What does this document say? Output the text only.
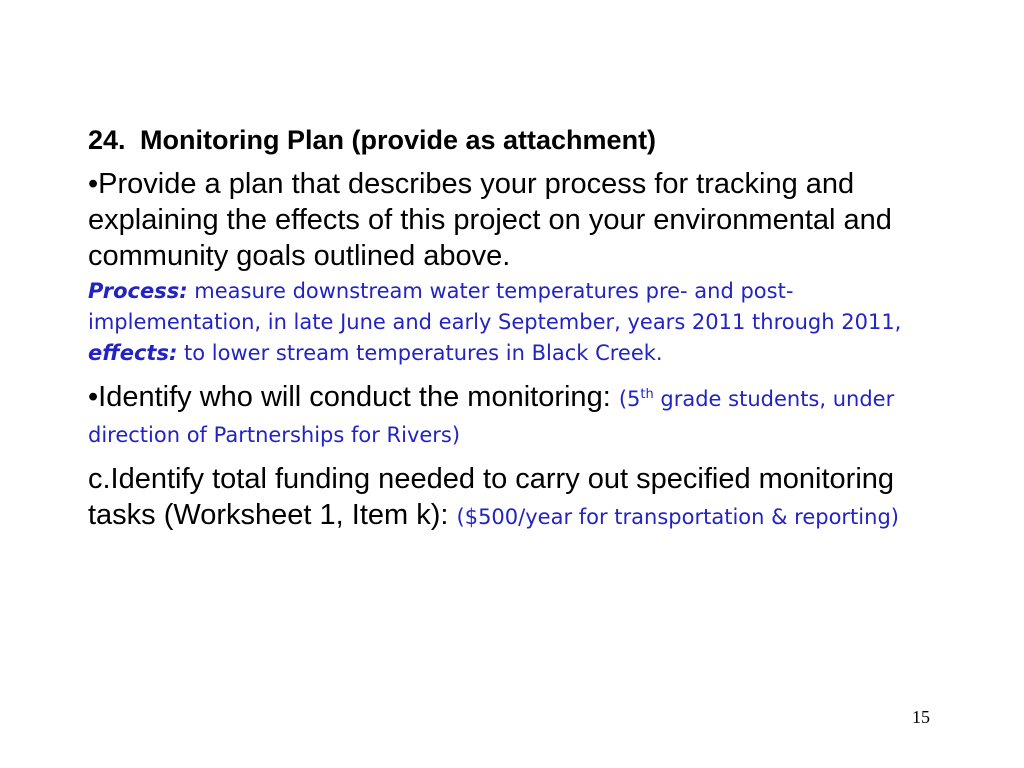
24. Monitoring Plan (provide as attachment)

•Provide a plan that describes your process for tracking and explaining the effects of this project on your environmental and community goals outlined above.
Process: measure downstream water temperatures pre- and post-implementation, in late June and early September, years 2011 through 2011, effects: to lower stream temperatures in Black Creek.

•Identify who will conduct the monitoring: (5th grade students, under direction of Partnerships for Rivers)

c.Identify total funding needed to carry out specified monitoring tasks (Worksheet 1, Item k): ($500/year for transportation & reporting)

15
